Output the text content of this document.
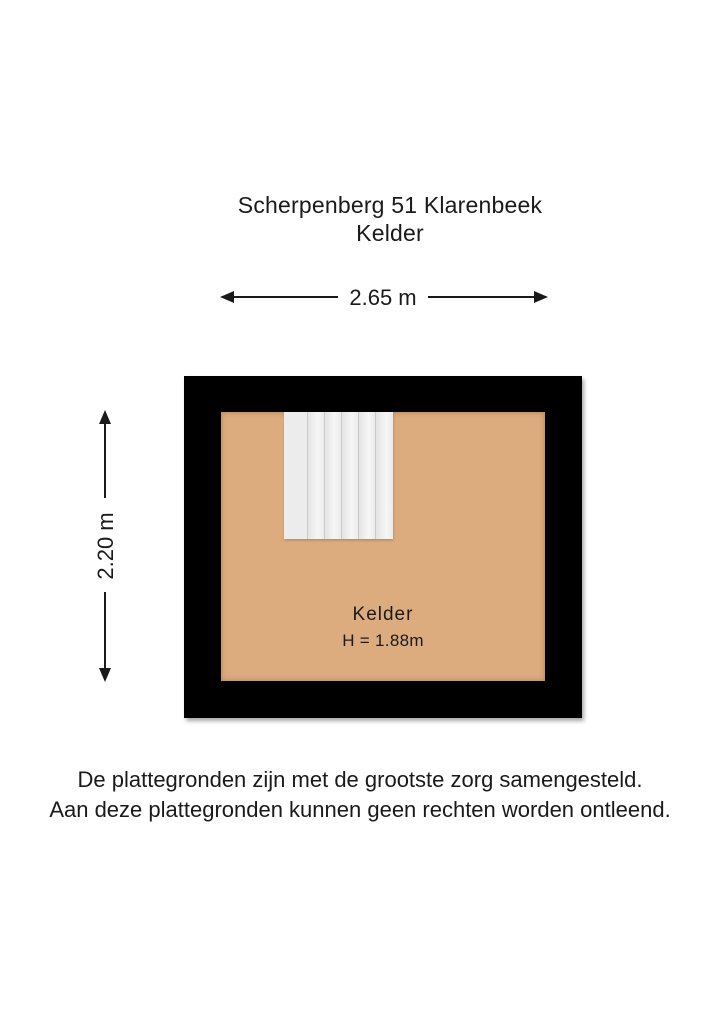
Scherpenberg 51 Klarenbeek
Kelder
2.65 m
2.20 m
Kelder
H = 1.88m
De plattegronden zijn met de grootste zorg samengesteld.
Aan deze plattegronden kunnen geen rechten worden ontleend.
